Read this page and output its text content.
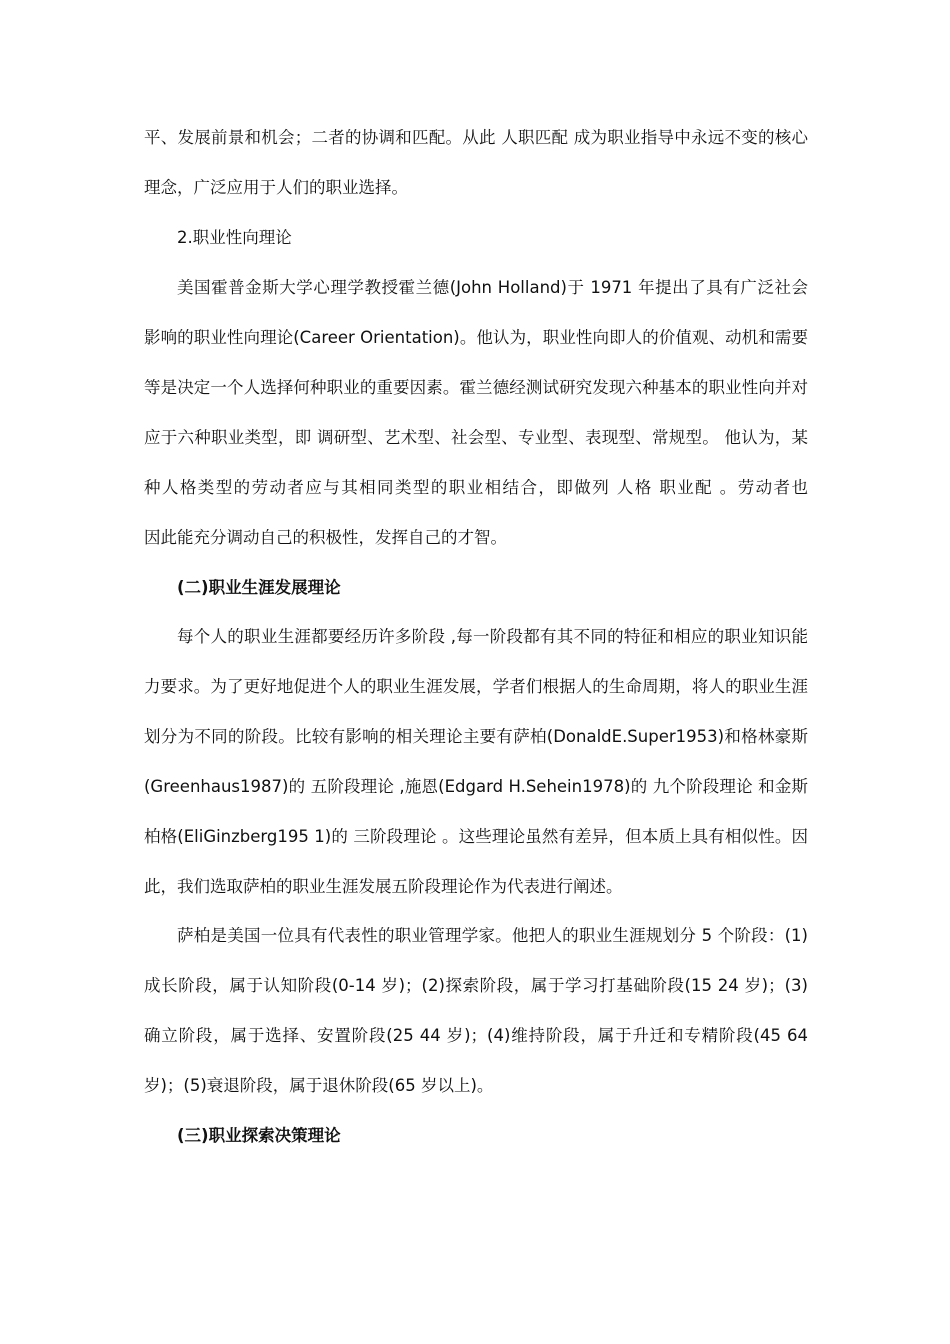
平、发展前景和机会；二者的协调和匹配。从此 人职匹配 成为职业指导中永远不变的核心
理念，广泛应用于人们的职业选择。
2.职业性向理论
美国霍普金斯大学心理学教授霍兰德(John Holland)于 1971 年提出了具有广泛社会
影响的职业性向理论(Career Orientation)。他认为，职业性向即人的价值观、动机和需要
等是决定一个人选择何种职业的重要因素。霍兰德经测试研究发现六种基本的职业性向并对
应于六种职业类型，即 调研型、艺术型、社会型、专业型、表现型、常规型。 他认为，某
种人格类型的劳动者应与其相同类型的职业相结合，即做列 人格 职业配 。劳动者也
因此能充分调动自己的积极性，发挥自己的才智。
(二)职业生涯发展理论
每个人的职业生涯都要经历许多阶段 ,每一阶段都有其不同的特征和相应的职业知识能
力要求。为了更好地促进个人的职业生涯发展，学者们根据人的生命周期，将人的职业生涯
划分为不同的阶段。比较有影响的相关理论主要有萨柏(DonaldE.Super1953)和格林豪斯
(Greenhaus1987)的 五阶段理论 ,施恩(Edgard H.Sehein1978)的 九个阶段理论 和金斯
柏格(EliGinzberg195 1)的 三阶段理论 。这些理论虽然有差异，但本质上具有相似性。因
此，我们选取萨柏的职业生涯发展五阶段理论作为代表进行阐述。
萨柏是美国一位具有代表性的职业管理学家。他把人的职业生涯规划分 5 个阶段：(1)
成长阶段，属于认知阶段(0-14 岁)；(2)探索阶段，属于学习打基础阶段(15 24 岁)；(3)
确立阶段，属于选择、安置阶段(25 44 岁)；(4)维持阶段，属于升迁和专精阶段(45 64
岁)；(5)衰退阶段，属于退休阶段(65 岁以上)。
(三)职业探索决策理论
